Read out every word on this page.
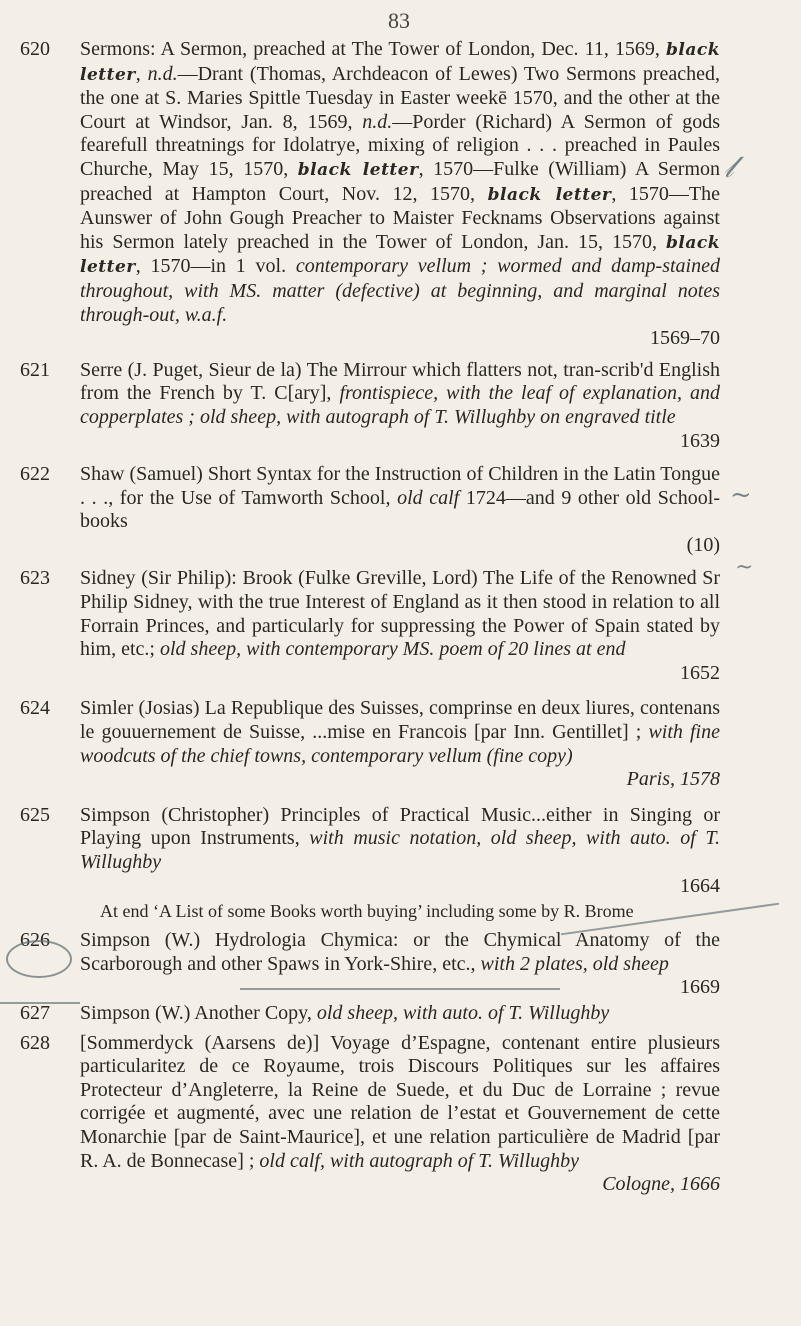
83
620	Sermons: A Sermon, preached at The Tower of London, Dec. 11, 1569, black letter, n.d.—Drant (Thomas, Archdeacon of Lewes) Two Sermons preached, the one at S. Maries Spittle Tuesday in Easter weekē 1570, and the other at the Court at Windsor, Jan. 8, 1569, n.d.—Porder (Richard) A Sermon of gods fearefull threatnings for Idolatrye, mixing of religion . . . preached in Paules Churche, May 15, 1570, black letter, 1570—Fulke (William) A Sermon preached at Hampton Court, Nov. 12, 1570, black letter, 1570—The Aunswer of John Gough Preacher to Maister Fecknams Observations against his Sermon lately preached in the Tower of London, Jan. 15, 1570, black letter, 1570—in 1 vol. contemporary vellum ; wormed and damp-stained throughout, with MS. matter (defective) at beginning, and marginal notes through-out, w.a.f.
1569–70
621	Serre (J. Puget, Sieur de la) The Mirrour which flatters not, tran-scrib'd English from the French by T. C[ary], frontispiece, with the leaf of explanation, and copperplates ; old sheep, with autograph of T. Willughby on engraved title
1639
622	Shaw (Samuel) Short Syntax for the Instruction of Children in the Latin Tongue . . ., for the Use of Tamworth School, old calf 1724—and 9 other old School-books
(10)
623	Sidney (Sir Philip): Brook (Fulke Greville, Lord) The Life of the Renowned Sr Philip Sidney, with the true Interest of England as it then stood in relation to all Forrain Princes, and particularly for suppressing the Power of Spain stated by him, etc.; old sheep, with contemporary MS. poem of 20 lines at end
1652
624	Simler (Josias) La Republique des Suisses, comprinse en deux liures, contenans le gouuernement de Suisse, ...mise en Francois [par Inn. Gentillet] ; with fine woodcuts of the chief towns, contemporary vellum (fine copy)
Paris, 1578
625	Simpson (Christopher) Principles of Practical Music...either in Singing or Playing upon Instruments, with music notation, old sheep, with auto. of T. Willughby
1664
At end ‘A List of some Books worth buying’ including some by R. Brome
626	Simpson (W.) Hydrologia Chymica: or the Chymical Anatomy of the Scarborough and other Spaws in York-Shire, etc., with 2 plates, old sheep
1669
627	Simpson (W.) Another Copy, old sheep, with auto. of T. Willughby
628	[Sommerdyck (Aarsens de)] Voyage d’Espagne, contenant entire plusieurs particularitez de ce Royaume, trois Discours Politiques sur les affaires Protecteur d’Angleterre, la Reine de Suede, et du Duc de Lorraine ; revue corrigée et augmenté, avec une relation de l’estat et Gouvernement de cette Monarchie [par de Saint-Maurice], et une relation particulière de Madrid [par R. A. de Bonnecase] ; old calf, with autograph of T. Willughby
Cologne, 1666
𝓁
~
~
